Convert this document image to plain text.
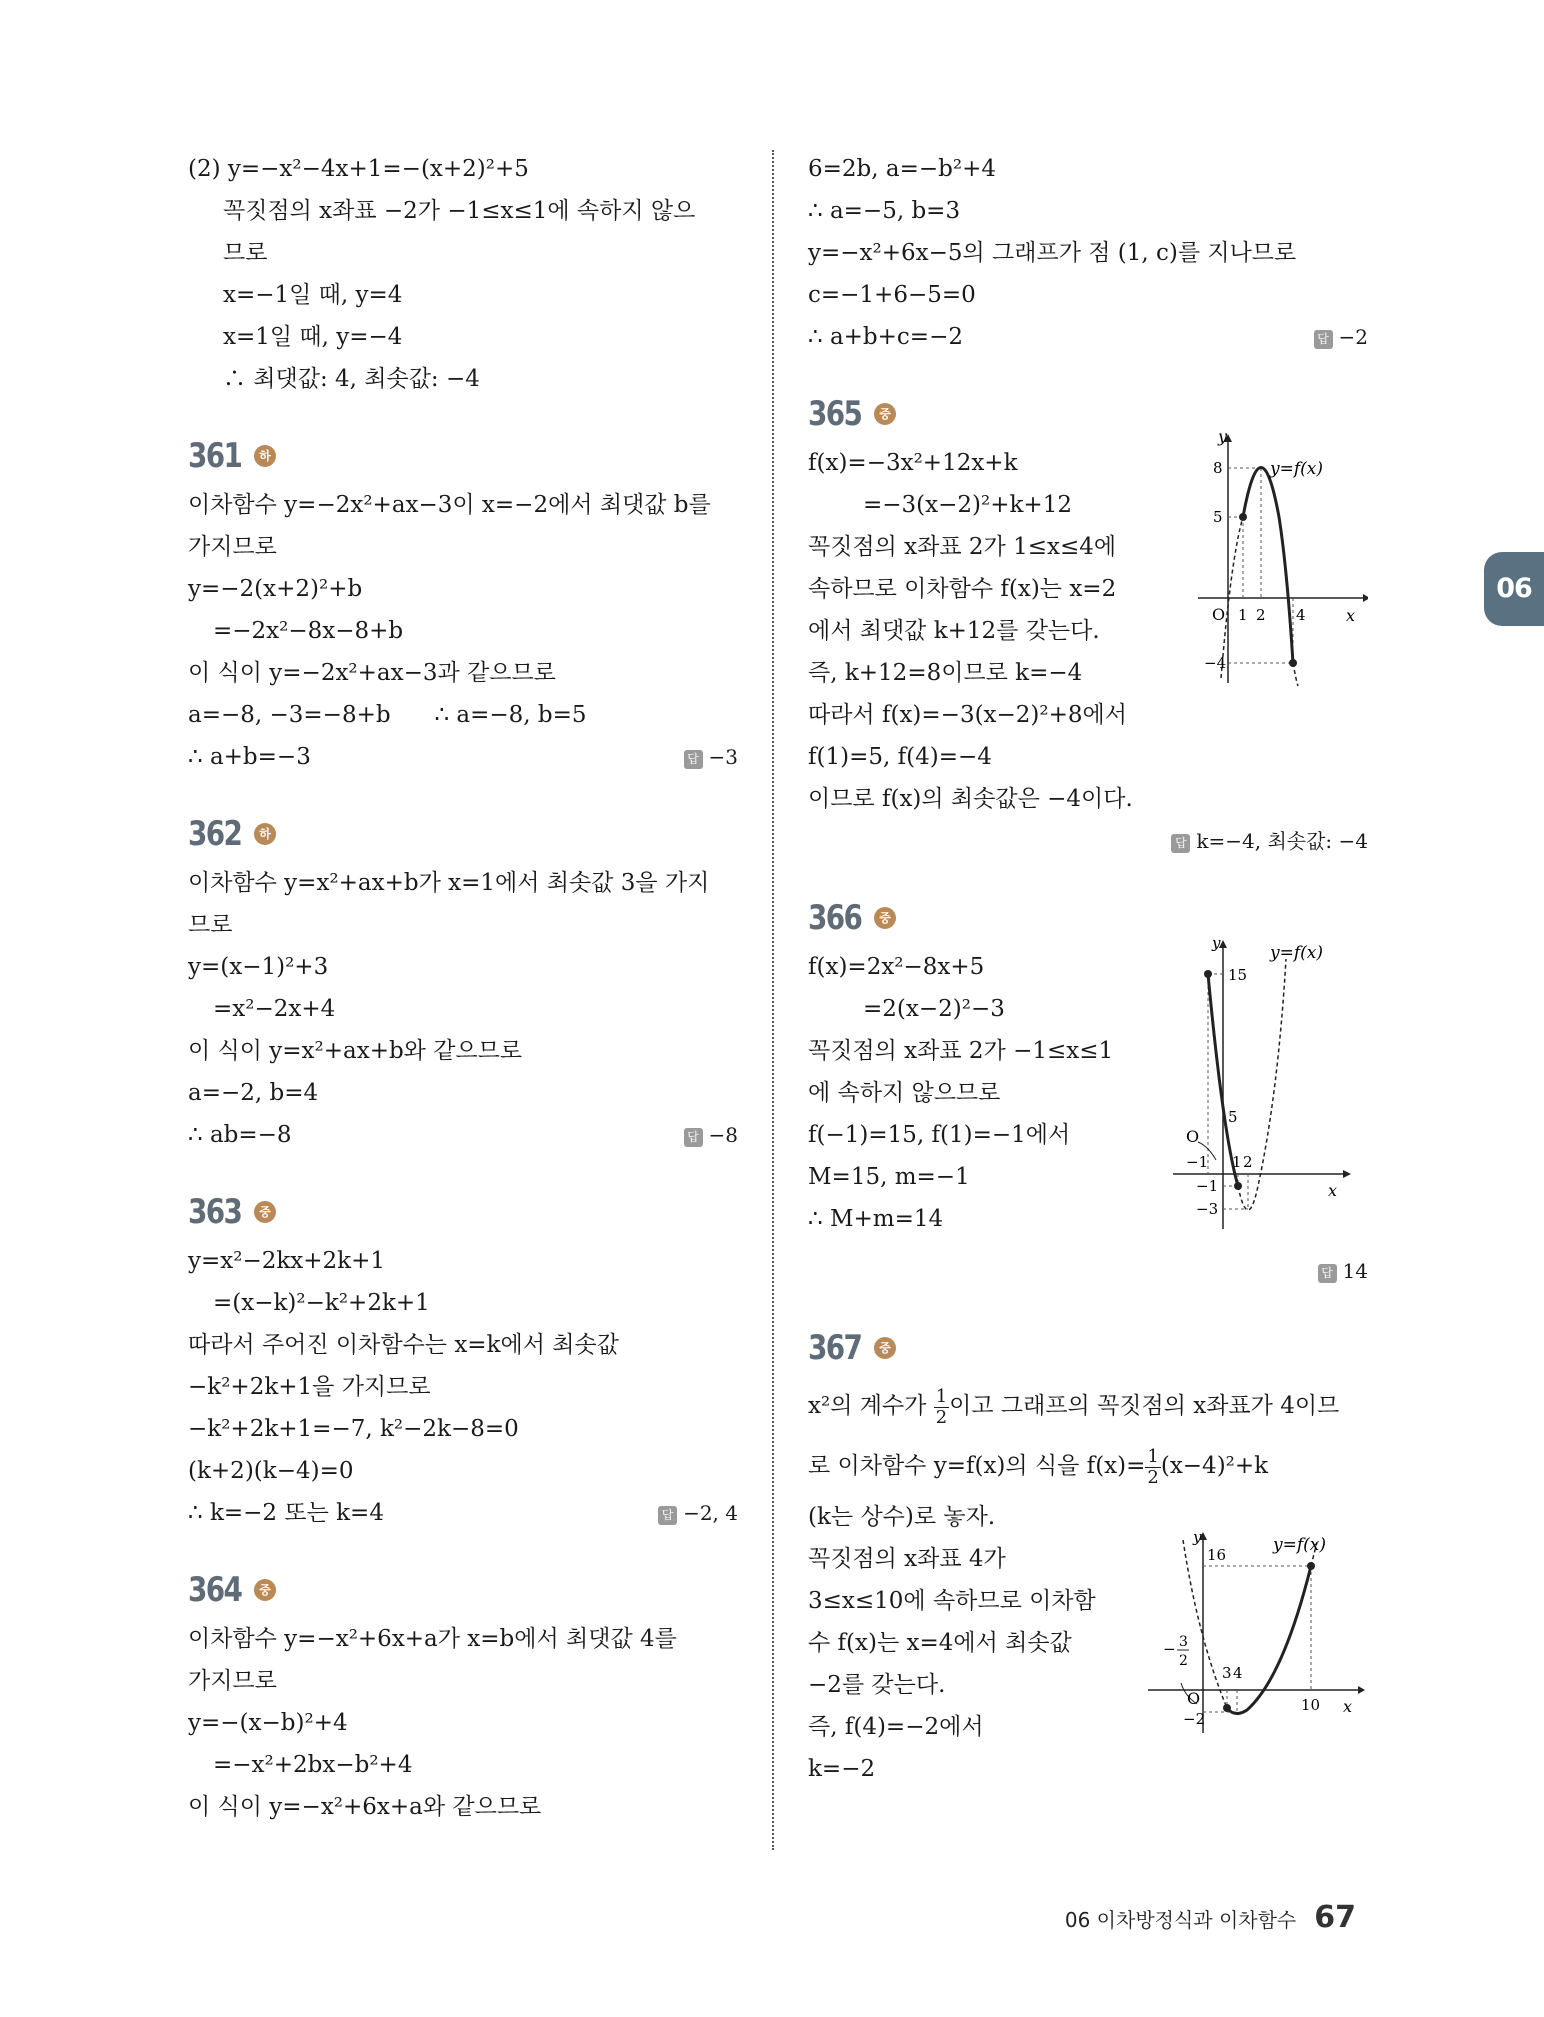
(2) y=−x²−4x+1=−(x+2)²+5
꼭짓점의 x좌표 −2가 −1≤x≤1에 속하지 않으
므로
x=−1일 때, y=4
x=1일 때, y=−4
∴ 최댓값: 4, 최솟값: −4
361	하
이차함수 y=−2x²+ax−3이 x=−2에서 최댓값 b를
가지므로
y=−2(x+2)²+b
=−2x²−8x−8+b
이 식이 y=−2x²+ax−3과 같으므로
a=−8, −3=−8+b      ∴ a=−8, b=5
∴ a+b=−3	답 −3
362	하
이차함수 y=x²+ax+b가 x=1에서 최솟값 3을 가지
므로
y=(x−1)²+3
=x²−2x+4
이 식이 y=x²+ax+b와 같으므로
a=−2, b=4
∴ ab=−8	답 −8
363	중
y=x²−2kx+2k+1
=(x−k)²−k²+2k+1
따라서 주어진 이차함수는 x=k에서 최솟값
−k²+2k+1을 가지므로
−k²+2k+1=−7, k²−2k−8=0
(k+2)(k−4)=0
∴ k=−2 또는 k=4	답 −2, 4
364	중
이차함수 y=−x²+6x+a가 x=b에서 최댓값 4를
가지므로
y=−(x−b)²+4
=−x²+2bx−b²+4
이 식이 y=−x²+6x+a와 같으므로
6=2b, a=−b²+4
∴ a=−5, b=3
y=−x²+6x−5의 그래프가 점 (1, c)를 지나므로
c=−1+6−5=0
∴ a+b+c=−2	답 −2
365	중
f(x)=−3x²+12x+k
=−3(x−2)²+k+12
꼭짓점의 x좌표 2가 1≤x≤4에
속하므로 이차함수 f(x)는 x=2
에서 최댓값 k+12를 갖는다.
즉, k+12=8이므로 k=−4
따라서 f(x)=−3(x−2)²+8에서
f(1)=5, f(4)=−4
이므로 f(x)의 최솟값은 −4이다.
y
x
O
y=f(x)
8
5
−4
1 2 4
답 k=−4, 최솟값: −4
366	중
f(x)=2x²−8x+5
=2(x−2)²−3
꼭짓점의 x좌표 2가 −1≤x≤1
에 속하지 않으므로
f(−1)=15, f(1)=−1에서
M=15, m=−1
∴ M+m=14
y
x
O
y=f(x)
15
5
−1
−3
−1 1 2
답 14
367	중
x²의 계수가 $\frac{1}{2}$ 이고 그래프의 꼭짓점의 x좌표가 4이므
로 이차함수 y=f(x)의 식을 $f(x)= \frac{1}{2} (x-4)^2+k$
(k는 상수)로 놓자.
꼭짓점의 x좌표 4가
3≤x≤10에 속하므로 이차함
수 f(x)는 x=4에서 최솟값
−2를 갖는다.
즉, f(4)=−2에서
k=−2
y
x
O
y=f(x)
16
−2
− 3
2
3 4
10
06
06 이차방정식과 이차함수 67
